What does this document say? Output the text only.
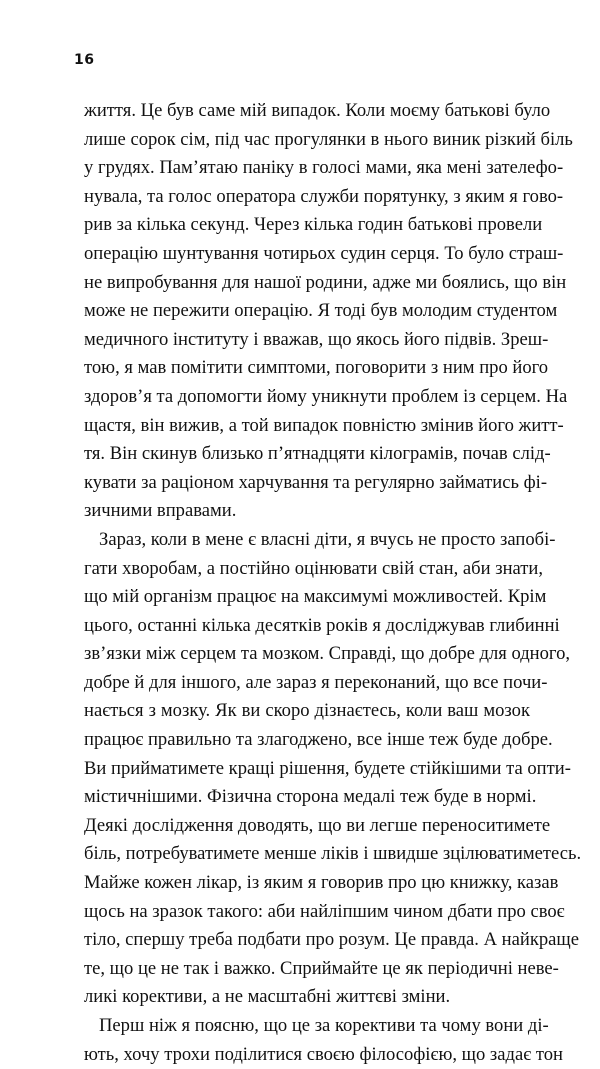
16
життя. Це був саме мій випадок. Коли моєму батькові було
лише сорок сім, під час прогулянки в нього виник різкий біль
у грудях. Пам’ятаю паніку в голосі мами, яка мені зателефо-
нувала, та голос оператора служби порятунку, з яким я гово-
рив за кілька секунд. Через кілька годин батькові провели
операцію шунтування чотирьох судин серця. То було страш-
не випробування для нашої родини, адже ми боялись, що він
може не пережити операцію. Я тоді був молодим студентом
медичного інституту і вважав, що якось його підвів. Зреш-
тою, я мав помітити симптоми, поговорити з ним про його
здоров’я та допомогти йому уникнути проблем із серцем. На
щастя, він вижив, а той випадок повністю змінив його житт-
тя. Він скинув близько п’ятнадцяти кілограмів, почав слід-
кувати за раціоном харчування та регулярно займатись фі-
зичними вправами.
Зараз, коли в мене є власні діти, я вчусь не просто запобі-
гати хворобам, а постійно оцінювати свій стан, аби знати,
що мій організм працює на максимумі можливостей. Крім
цього, останні кілька десятків років я досліджував глибинні
зв’язки між серцем та мозком. Справді, що добре для одного,
добре й для іншого, але зараз я переконаний, що все почи-
нається з мозку. Як ви скоро дізнаєтесь, коли ваш мозок
працює правильно та злагоджено, все інше теж буде добре.
Ви прийматимете кращі рішення, будете стійкішими та опти-
містичнішими. Фізична сторона медалі теж буде в нормі.
Деякі дослідження доводять, що ви легше переноситимете
біль, потребуватимете менше ліків і швидше зцілюватиметесь.
Майже кожен лікар, із яким я говорив про цю книжку, казав
щось на зразок такого: аби найліпшим чином дбати про своє
тіло, спершу треба подбати про розум. Це правда. А найкраще
те, що це не так і важко. Сприймайте це як періодичні неве-
ликі корективи, а не масштабні життєві зміни.
Перш ніж я поясню, що це за корективи та чому вони ді-
ють, хочу трохи поділитися своєю філософією, що задає тон
